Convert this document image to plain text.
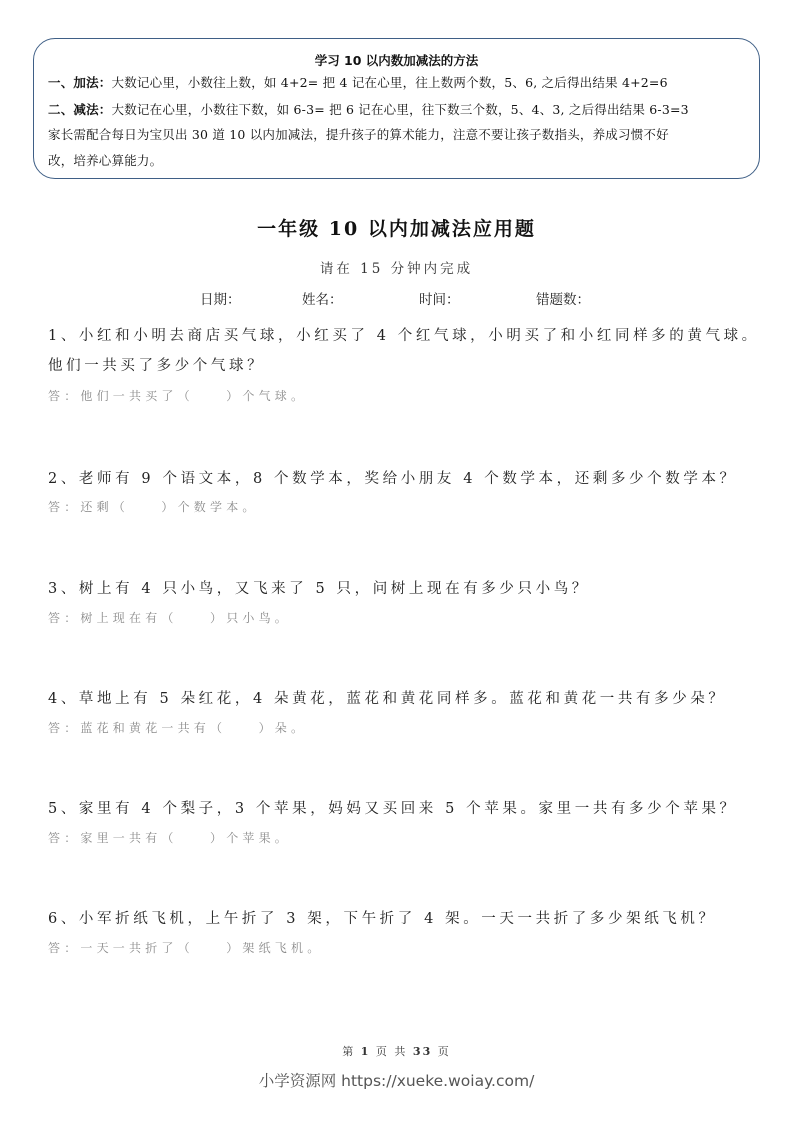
学习 10 以内数加减法的方法
一、加法：大数记心里，小数往上数，如 4+2= 把 4 记在心里，往上数两个数，5、6, 之后得出结果 4+2=6
二、减法：大数记在心里，小数往下数，如 6-3= 把 6 记在心里，往下数三个数，5、4、3, 之后得出结果 6-3=3
家长需配合每日为宝贝出 30 道 10 以内加减法，提升孩子的算术能力，注意不要让孩子数指头，养成习惯不好
改，培养心算能力。
一年级 10 以内加减法应用题
请在 15 分钟内完成
日期：	姓名：	时间：	错题数：
1、小红和小明去商店买气球，小红买了 4 个红气球，小明买了和小红同样多的黄气球。
他们一共买了多少个气球？
答：他们一共买了（　　）个气球。
2、老师有 9 个语文本，8 个数学本，奖给小朋友 4 个数学本，还剩多少个数学本？
答：还剩（　　）个数学本。
3、树上有 4 只小鸟，又飞来了 5 只，问树上现在有多少只小鸟？
答：树上现在有（　　）只小鸟。
4、草地上有 5 朵红花，4 朵黄花，蓝花和黄花同样多。蓝花和黄花一共有多少朵？
答：蓝花和黄花一共有（　　）朵。
5、家里有 4 个梨子，3 个苹果，妈妈又买回来 5 个苹果。家里一共有多少个苹果？
答：家里一共有（　　）个苹果。
6、小军折纸飞机，上午折了 3 架，下午折了 4 架。一天一共折了多少架纸飞机？
答：一天一共折了（　　）架纸飞机。
第 1 页 共 33 页
小学资源网 https://xueke.woiay.com/
